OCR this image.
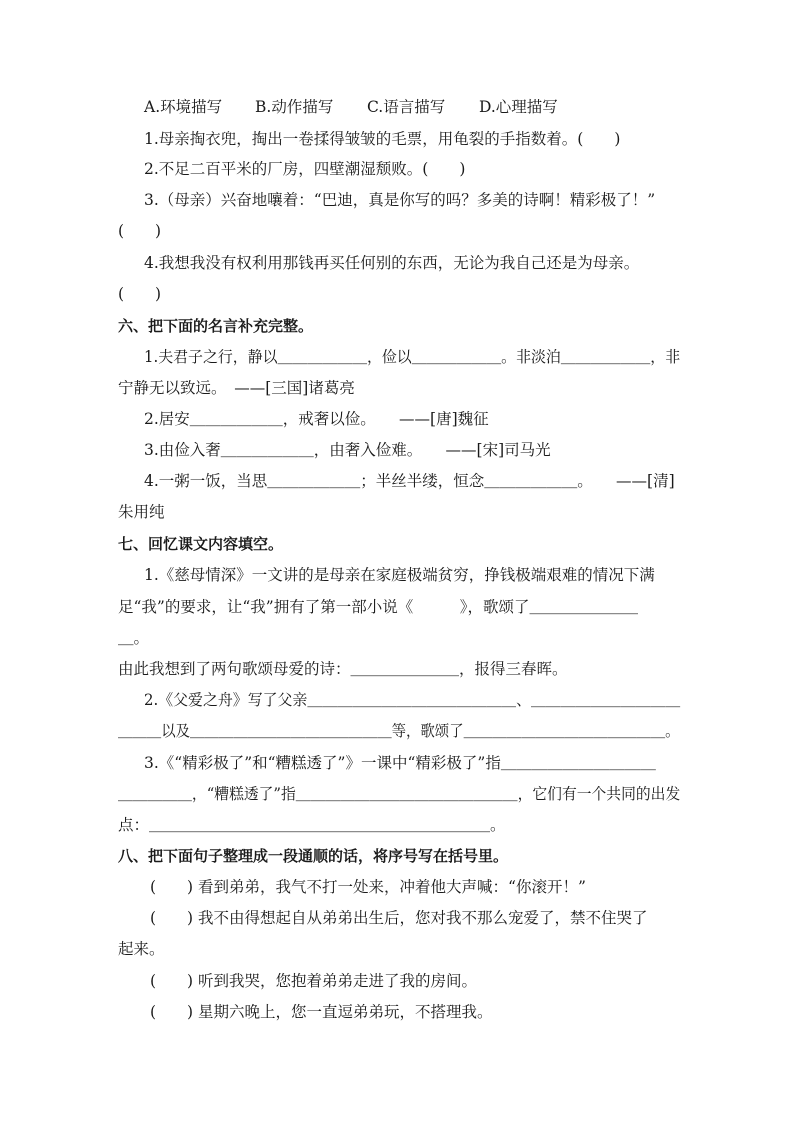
A.环境描写 B.动作描写 C.语言描写 D.心理描写
1.母亲掏衣兜，掏出一卷揉得皱皱的毛票，用龟裂的手指数着。(　　)
2.不足二百平米的厂房，四壁潮湿颓败。(　　)
3.（母亲）兴奋地嚷着：“巴迪，真是你写的吗？多美的诗啊！精彩极了！”
(　　)
4.我想我没有权利用那钱再买任何别的东西，无论为我自己还是为母亲。
(　　)
六、把下面的名言补充完整。
1.夫君子之行，静以＿＿＿＿＿＿，俭以＿＿＿＿＿＿。非淡泊＿＿＿＿＿＿，非
宁静无以致远。　——[三国]诸葛亮
2.居安＿＿＿＿＿＿，戒奢以俭。　　——[唐]魏征
3.由俭入奢＿＿＿＿＿＿，由奢入俭难。　　——[宋]司马光
4.一粥一饭，当思＿＿＿＿＿＿；半丝半缕，恒念＿＿＿＿＿＿。　　——[清]
朱用纯
七、回忆课文内容填空。
1.《慈母情深》一文讲的是母亲在家庭极端贫穷，挣钱极端艰难的情况下满
足“我”的要求，让“我”拥有了第一部小说《　　　》，歌颂了＿＿＿＿＿＿＿
＿。
由此我想到了两句歌颂母爱的诗：＿＿＿＿＿＿＿，报得三春晖。
2.《父爱之舟》写了父亲＿＿＿＿＿＿＿＿＿＿＿＿＿＿、＿＿＿＿＿＿＿＿＿＿
＿＿＿以及＿＿＿＿＿＿＿＿＿＿＿＿＿＿等，歌颂了＿＿＿＿＿＿＿＿＿＿＿＿＿＿。
3.《“精彩极了”和“糟糕透了”》一课中“精彩极了”指＿＿＿＿＿＿＿＿＿＿
＿＿＿＿＿，“糟糕透了”指＿＿＿＿＿＿＿＿＿＿＿＿＿＿＿，它们有一个共同的出发
点：＿＿＿＿＿＿＿＿＿＿＿＿＿＿＿＿＿＿＿＿＿＿。
八、把下面句子整理成一段通顺的话，将序号写在括号里。
(　　) 看到弟弟，我气不打一处来，冲着他大声喊：“你滚开！”
(　　) 我不由得想起自从弟弟出生后，您对我不那么宠爱了，禁不住哭了
起来。
(　　) 听到我哭，您抱着弟弟走进了我的房间。
(　　) 星期六晚上，您一直逗弟弟玩，不搭理我。
